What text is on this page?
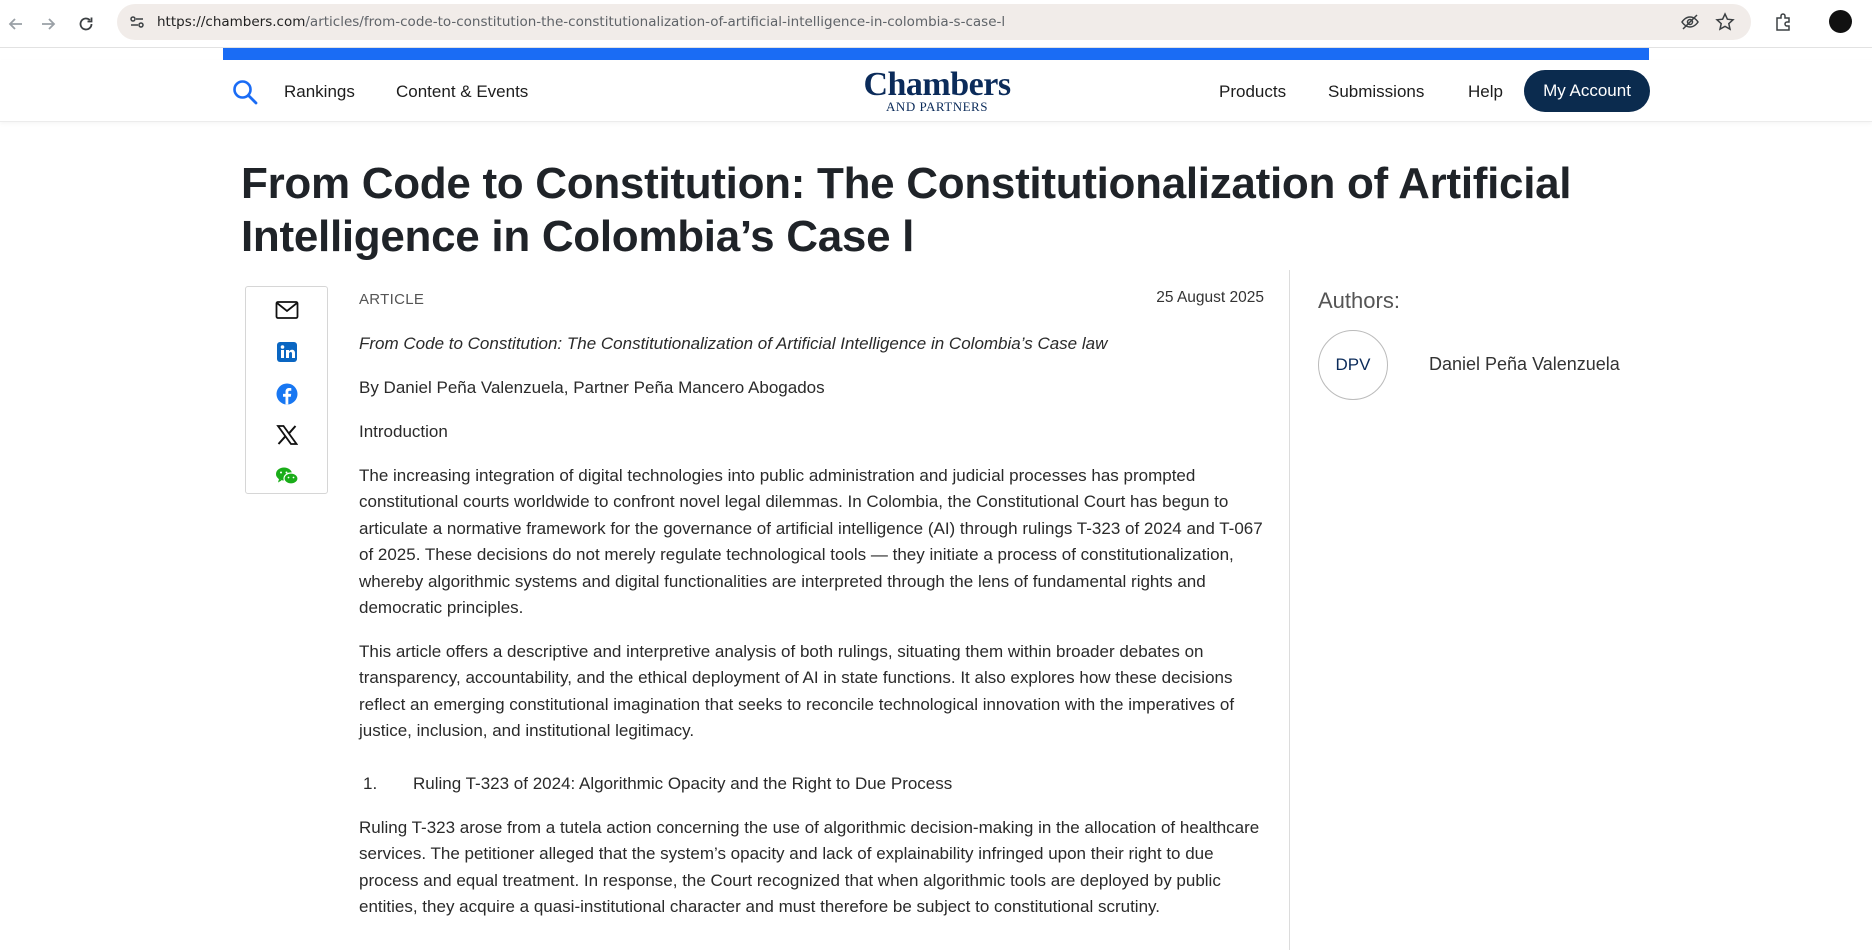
https://chambers.com/articles/from-code-to-constitution-the-constitutionalization-of-artificial-intelligence-in-colombia-s-case-l
Rankings Content & Events	Chambers
AND PARTNERS
Products Submissions	Help	My Account
From Code to Constitution: The Constitutionalization of Artificial Intelligence in Colombia’s Case l
ARTICLE	25 August 2025

From Code to Constitution: The Constitutionalization of Artificial Intelligence in Colombia’s Case law

By Daniel Peña Valenzuela, Partner Peña Mancero Abogados

Introduction

The increasing integration of digital technologies into public administration and judicial processes has prompted constitutional courts worldwide to confront novel legal dilemmas. In Colombia, the Constitutional Court has begun to articulate a normative framework for the governance of artificial intelligence (AI) through rulings T-323 of 2024 and T-067 of 2025. These decisions do not merely regulate technological tools — they initiate a process of constitutionalization, whereby algorithmic systems and digital functionalities are interpreted through the lens of fundamental rights and democratic principles.

This article offers a descriptive and interpretive analysis of both rulings, situating them within broader debates on transparency, accountability, and the ethical deployment of AI in state functions. It also explores how these decisions reflect an emerging constitutional imagination that seeks to reconcile technological innovation with the imperatives of justice, inclusion, and institutional legitimacy.

1. Ruling T-323 of 2024: Algorithmic Opacity and the Right to Due Process

Ruling T-323 arose from a tutela action concerning the use of algorithmic decision-making in the allocation of healthcare services. The petitioner alleged that the system’s opacity and lack of explainability infringed upon their right to due process and equal treatment. In response, the Court recognized that when algorithmic tools are deployed by public entities, they acquire a quasi-institutional character and must therefore be subject to constitutional scrutiny.

Authors:
DPV	Daniel Peña Valenzuela
